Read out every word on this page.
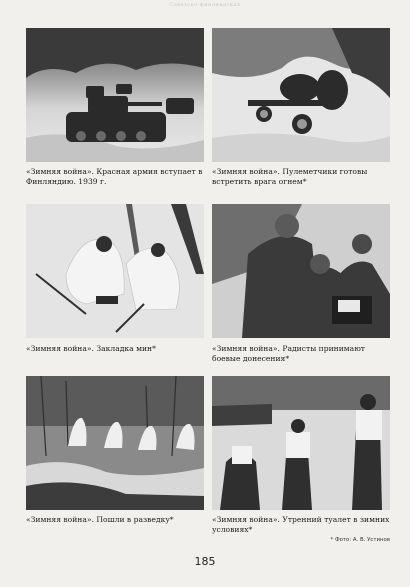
Советско-финляндская
«Зимняя война». Красная армия вступает в Финляндию. 1939 г.
«Зимняя война». Пулеметчики готовы встретить врага огнем*
«Зимняя война». Закладка мин*	«Зимняя война». Радисты принимают боевые донесения*
«Зимняя война». Пошли в разведку*	«Зимняя война». Утренний туалет в зимних условиях*
* Фото: А. В. Устинов
185
